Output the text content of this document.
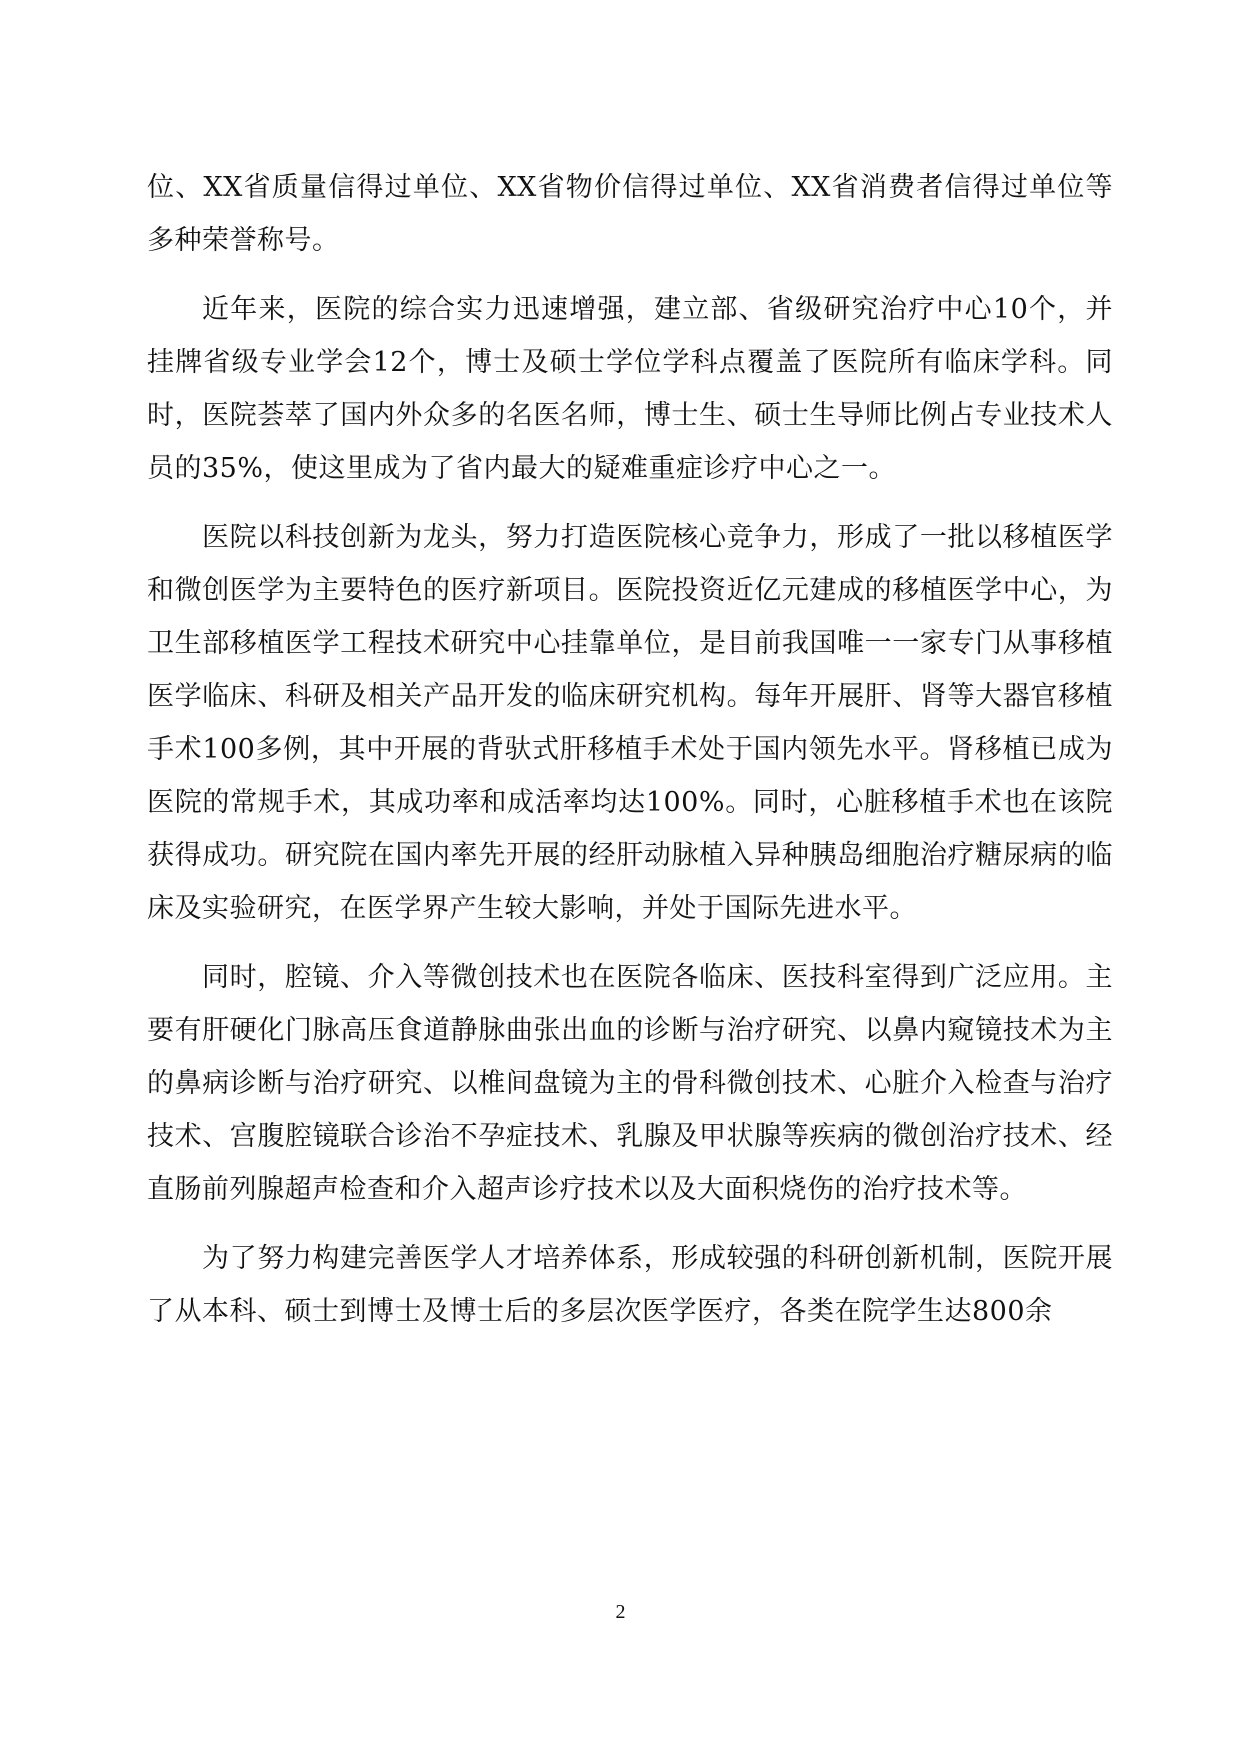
位、XX省质量信得过单位、XX省物价信得过单位、XX省消费者信得过单位等多种荣誉称号。

近年来，医院的综合实力迅速增强，建立部、省级研究治疗中心10个，并挂牌省级专业学会12个，博士及硕士学位学科点覆盖了医院所有临床学科。同时，医院荟萃了国内外众多的名医名师，博士生、硕士生导师比例占专业技术人员的35%，使这里成为了省内最大的疑难重症诊疗中心之一。

医院以科技创新为龙头，努力打造医院核心竞争力，形成了一批以移植医学和微创医学为主要特色的医疗新项目。医院投资近亿元建成的移植医学中心，为卫生部移植医学工程技术研究中心挂靠单位，是目前我国唯一一家专门从事移植医学临床、科研及相关产品开发的临床研究机构。每年开展肝、肾等大器官移植手术100多例，其中开展的背驮式肝移植手术处于国内领先水平。肾移植已成为医院的常规手术，其成功率和成活率均达100%。同时，心脏移植手术也在该院获得成功。研究院在国内率先开展的经肝动脉植入异种胰岛细胞治疗糖尿病的临床及实验研究，在医学界产生较大影响，并处于国际先进水平。

同时，腔镜、介入等微创技术也在医院各临床、医技科室得到广泛应用。主要有肝硬化门脉高压食道静脉曲张出血的诊断与治疗研究、以鼻内窥镜技术为主的鼻病诊断与治疗研究、以椎间盘镜为主的骨科微创技术、心脏介入检查与治疗技术、宫腹腔镜联合诊治不孕症技术、乳腺及甲状腺等疾病的微创治疗技术、经直肠前列腺超声检查和介入超声诊疗技术以及大面积烧伤的治疗技术等。

为了努力构建完善医学人才培养体系，形成较强的科研创新机制，医院开展了从本科、硕士到博士及博士后的多层次医学医疗，各类在院学生达800余

2
